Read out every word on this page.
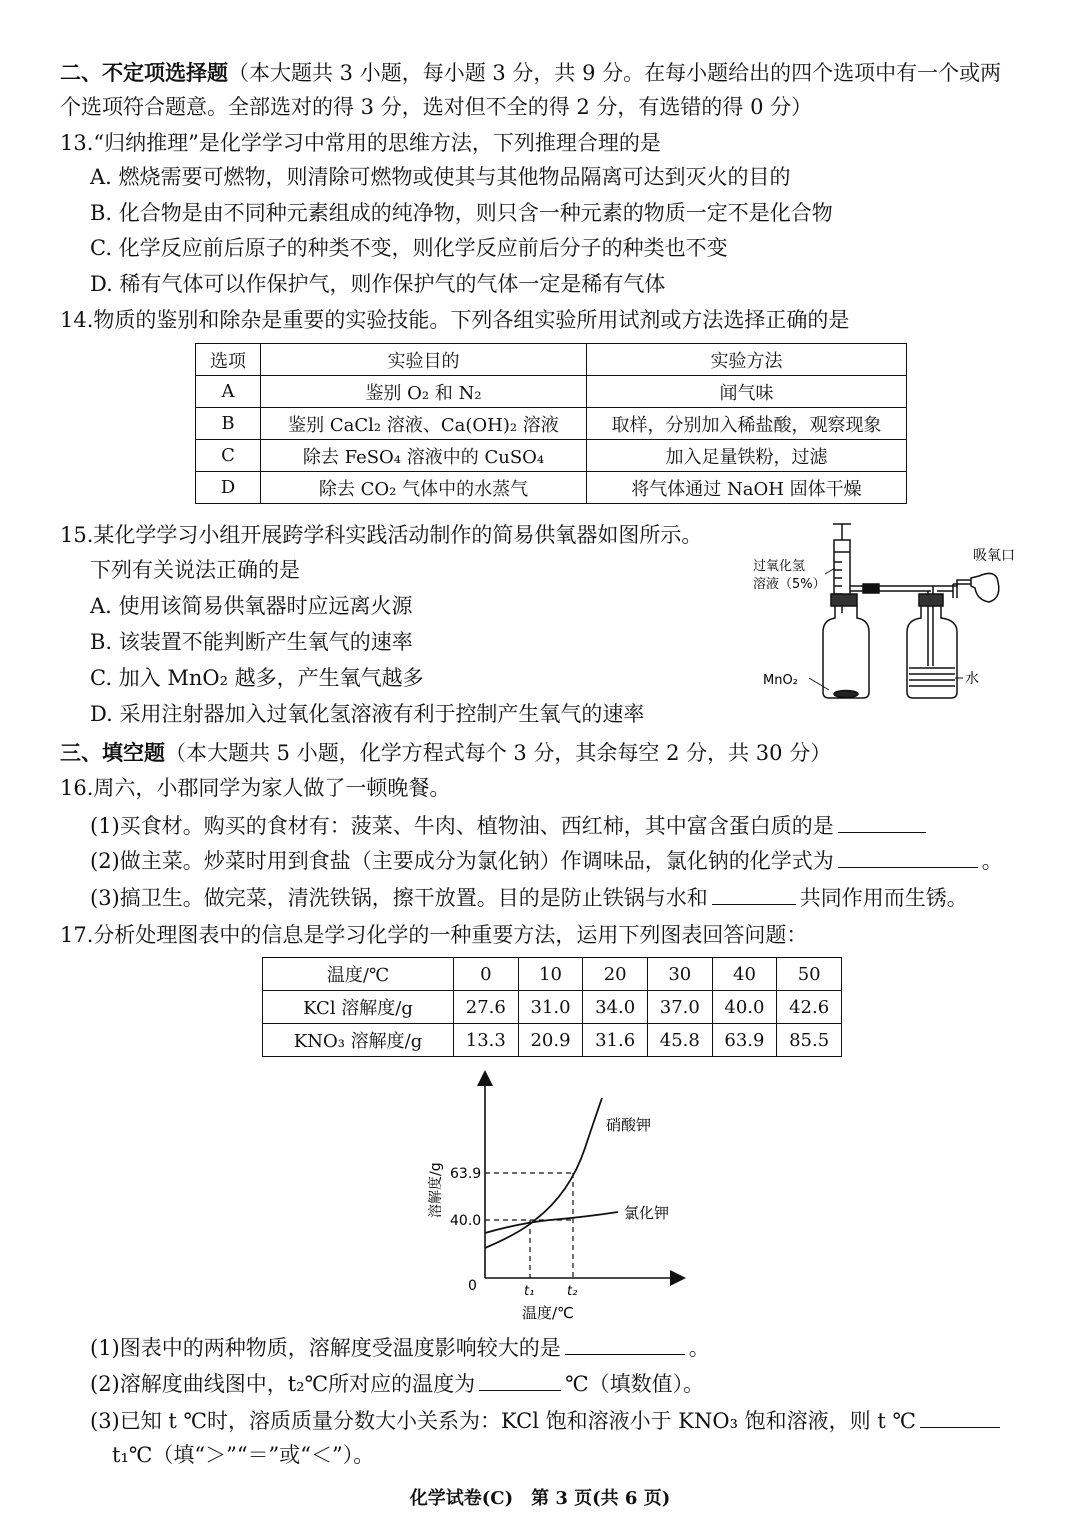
二、不定项选择题（本大题共 3 小题，每小题 3 分，共 9 分。在每小题给出的四个选项中有一个或两
个选项符合题意。全部选对的得 3 分，选对但不全的得 2 分，有选错的得 0 分）
13.“归纳推理”是化学学习中常用的思维方法，下列推理合理的是
A. 燃烧需要可燃物，则清除可燃物或使其与其他物品隔离可达到灭火的目的
B. 化合物是由不同种元素组成的纯净物，则只含一种元素的物质一定不是化合物
C. 化学反应前后原子的种类不变，则化学反应前后分子的种类也不变
D. 稀有气体可以作保护气，则作保护气的气体一定是稀有气体
14.物质的鉴别和除杂是重要的实验技能。下列各组实验所用试剂或方法选择正确的是
选项	实验目的	实验方法
A	鉴别 O₂ 和 N₂	闻气味
B	鉴别 CaCl₂ 溶液、Ca(OH)₂ 溶液	取样，分别加入稀盐酸，观察现象
C	除去 FeSO₄ 溶液中的 CuSO₄	加入足量铁粉，过滤
D	除去 CO₂ 气体中的水蒸气	将气体通过 NaOH 固体干燥
15.某化学学习小组开展跨学科实践活动制作的简易供氧器如图所示。
下列有关说法正确的是
A. 使用该简易供氧器时应远离火源
B. 该装置不能判断产生氧气的速率
C. 加入 MnO₂ 越多，产生氧气越多
D. 采用注射器加入过氧化氢溶液有利于控制产生氧气的速率
过氧化氢
溶液（5%）
吸氧口
MnO₂	水
三、填空题（本大题共 5 小题，化学方程式每个 3 分，其余每空 2 分，共 30 分）
16.周六，小郡同学为家人做了一顿晚餐。
(1)买食材。购买的食材有：菠菜、牛肉、植物油、西红柿，其中富含蛋白质的是
(2)做主菜。炒菜时用到食盐（主要成分为氯化钠）作调味品，氯化钠的化学式为	。
(3)搞卫生。做完菜，清洗铁锅，擦干放置。目的是防止铁锅与水和	共同作用而生锈。
17.分析处理图表中的信息是学习化学的一种重要方法，运用下列图表回答问题：
温度/℃	0	10	20	30	40	50
KCl 溶解度/g	27.6	31.0	34.0	37.0	40.0	42.6
KNO₃ 溶解度/g	13.3	20.9	31.6	45.8	63.9	85.5
硝酸钾
氯化钾
63.9
40.0
0	t₁	t₂
温度/℃
溶解度/g
(1)图表中的两种物质，溶解度受温度影响较大的是	。
(2)溶解度曲线图中，t₂℃所对应的温度为	℃（填数值）。
(3)已知 t ℃时，溶质质量分数大小关系为：KCl 饱和溶液小于 KNO₃ 饱和溶液，则 t ℃
t₁℃（填“＞”“＝”或“＜”）。
化学试卷(C)　第 3 页(共 6 页)
